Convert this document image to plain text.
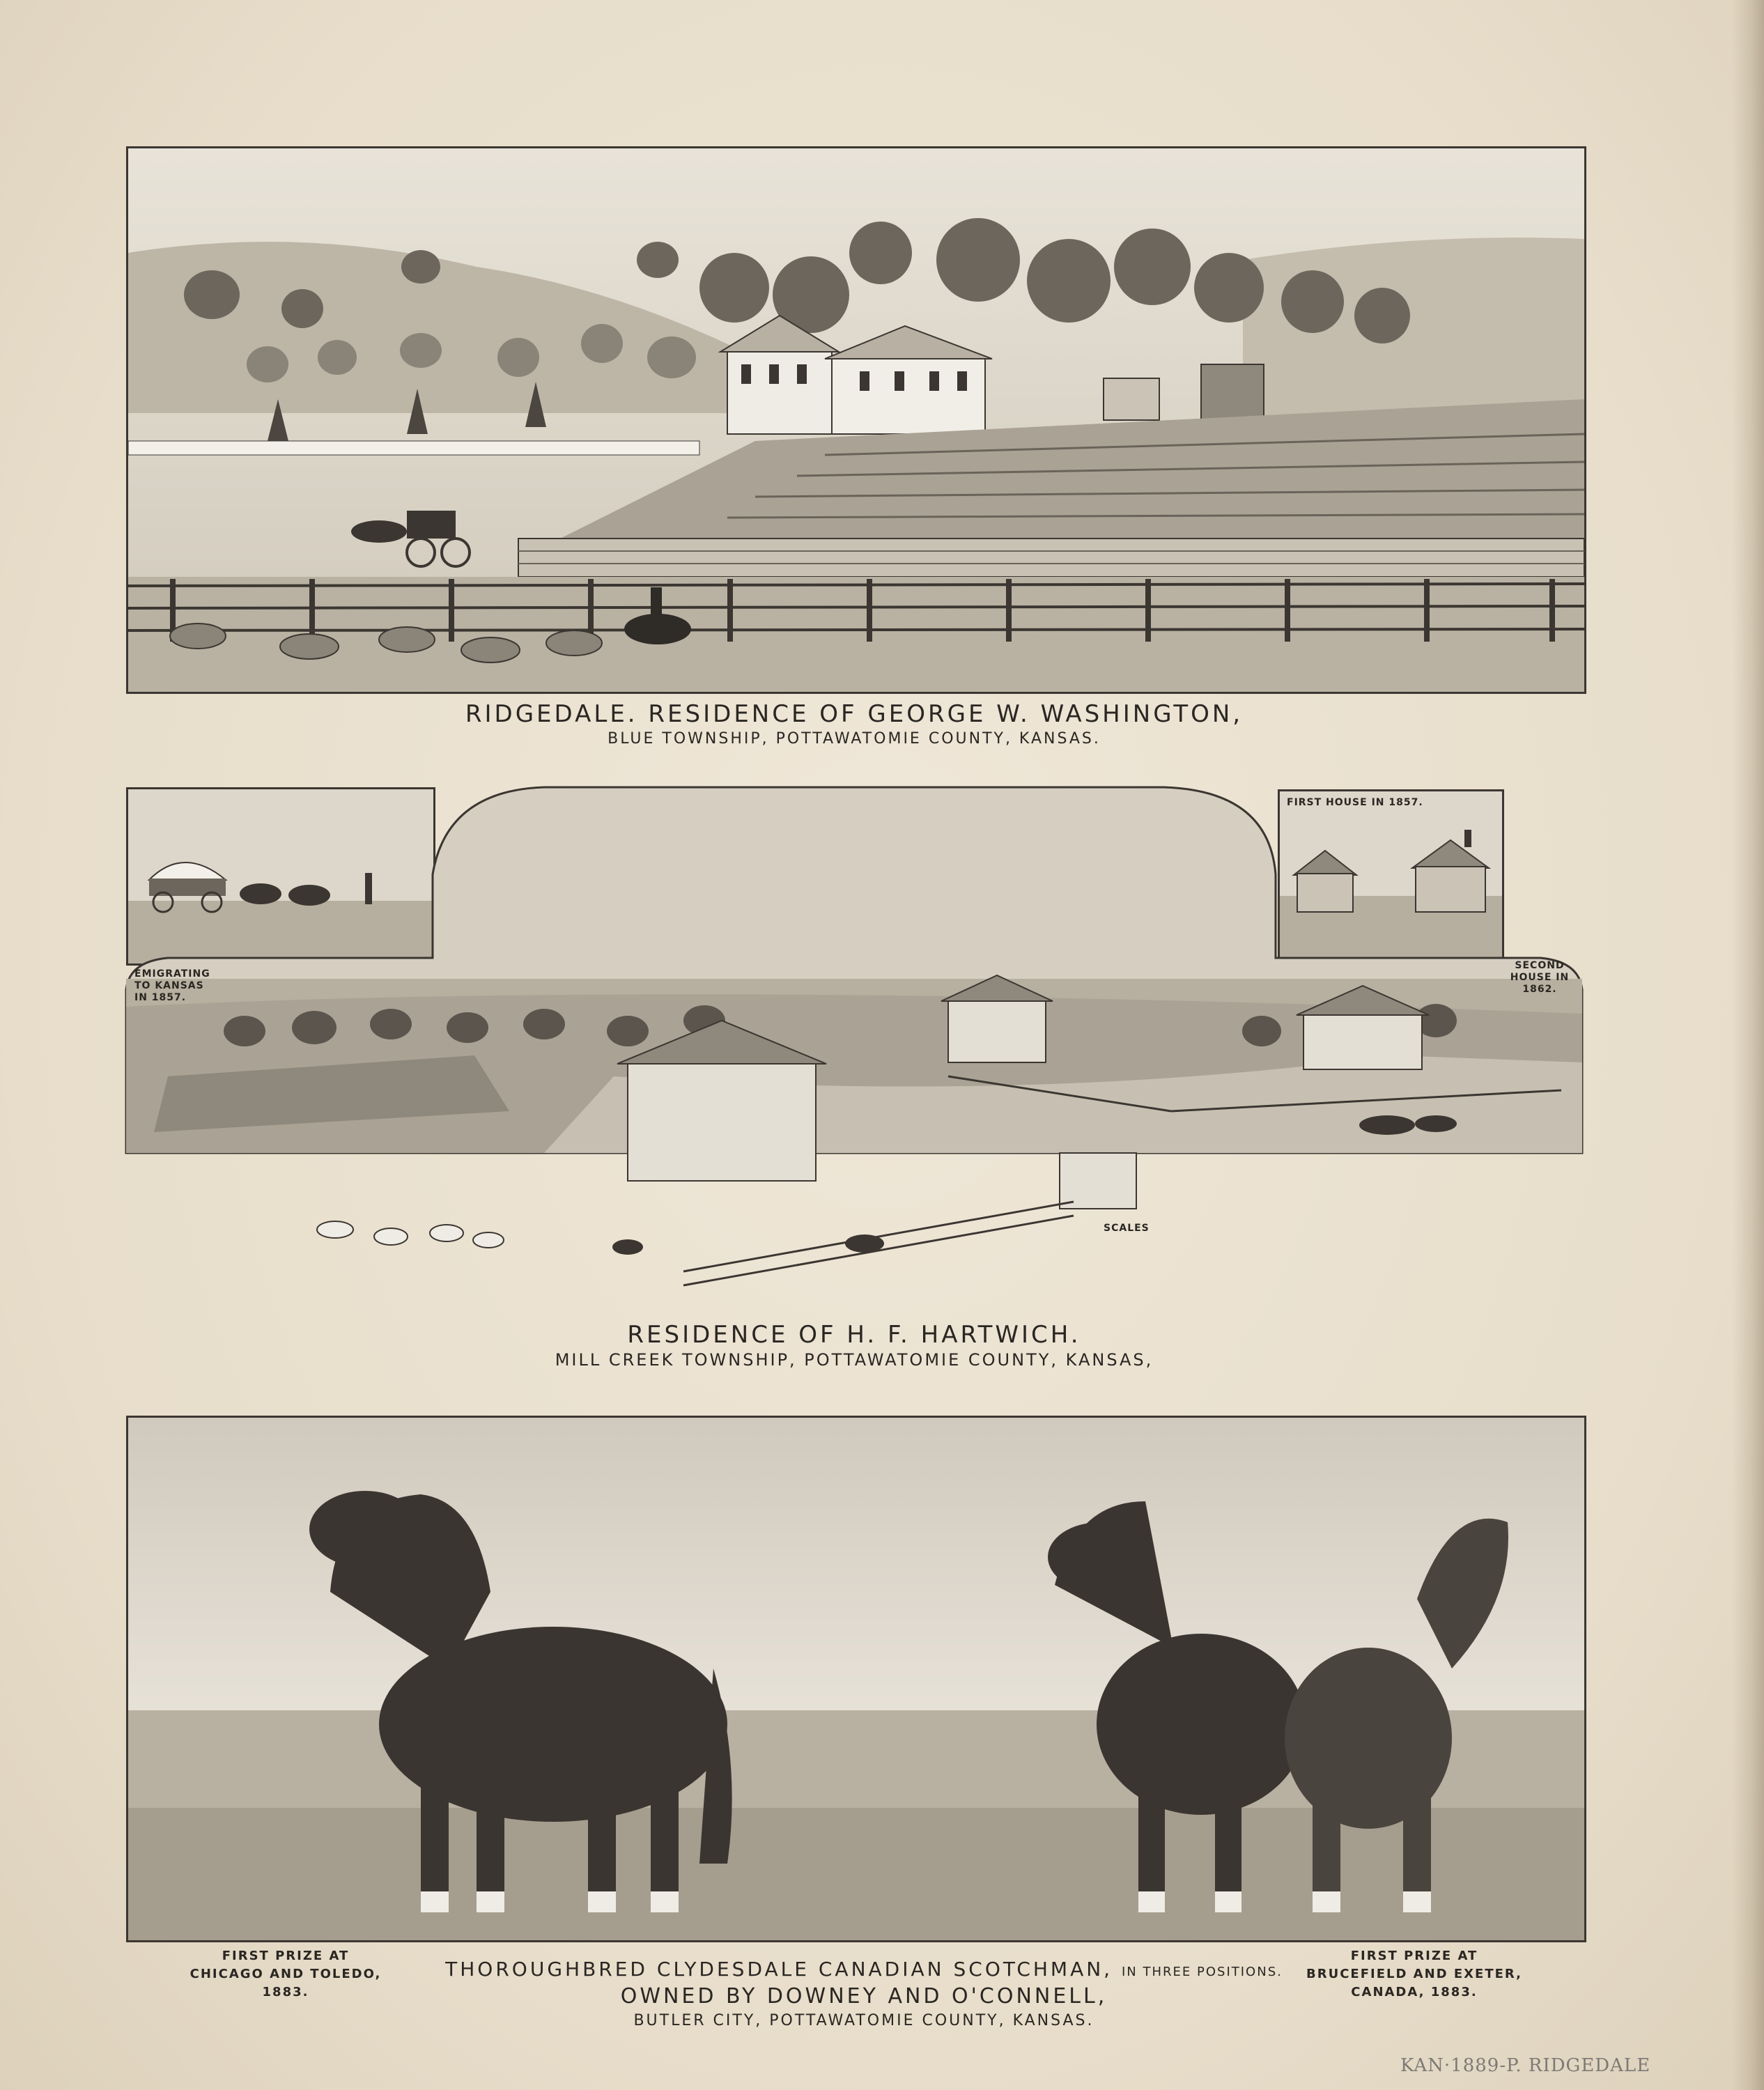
RIDGEDALE. RESIDENCE OF GEORGE W. WASHINGTON,
BLUE TOWNSHIP, POTTAWATOMIE COUNTY, KANSAS.
FIRST HOUSE IN 1857.
EMIGRATING TO KANSAS IN 1857.
SECOND HOUSE IN 1862.
SCALES
RESIDENCE OF H. F. HARTWICH.
MILL CREEK TOWNSHIP, POTTAWATOMIE COUNTY, KANSAS,
FIRST PRIZE AT
CHICAGO AND TOLEDO,
1883.
FIRST PRIZE AT
BRUCEFIELD AND EXETER,
CANADA, 1883.
THOROUGHBRED CLYDESDALE CANADIAN SCOTCHMAN, IN THREE POSITIONS.
OWNED BY DOWNEY AND O'CONNELL,
BUTLER CITY, POTTAWATOMIE COUNTY, KANSAS.
KAN·1889-P. RIDGEDALE
